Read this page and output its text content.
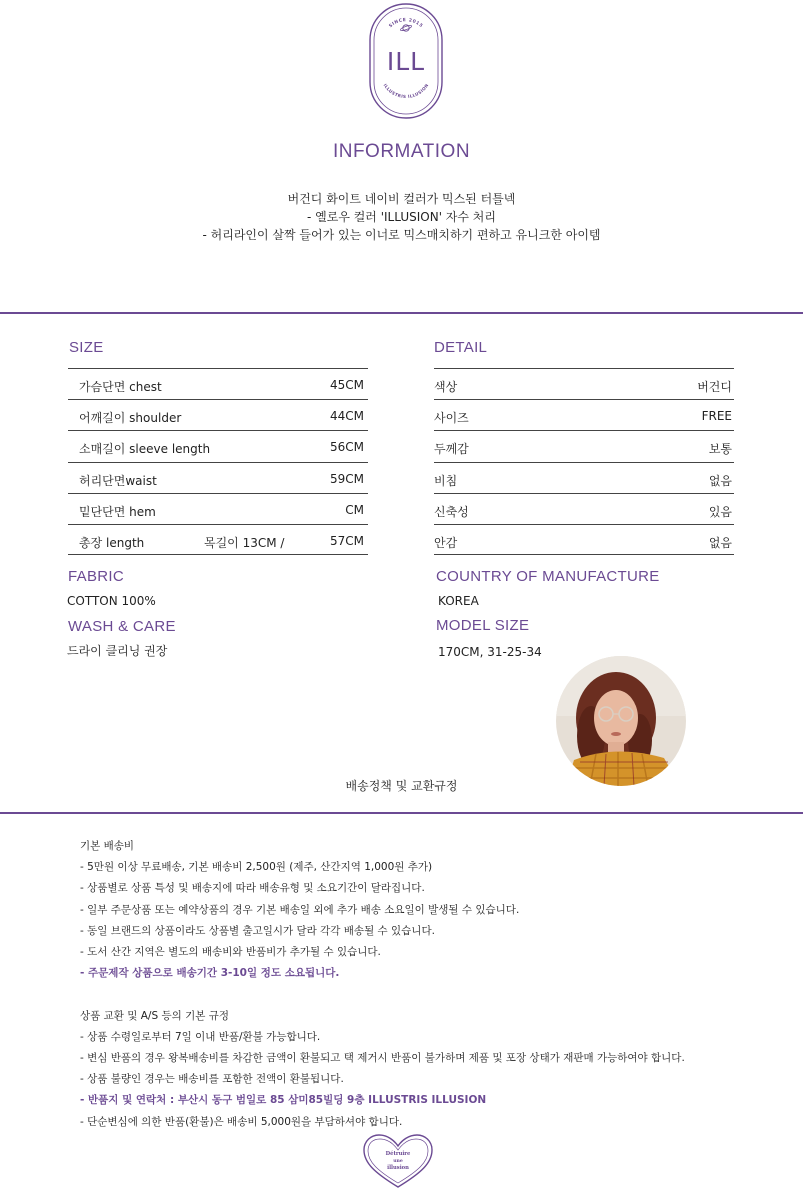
SINCE 2015
ILL
ILLUSTRIS ILLUSION
INFORMATION
버건디 화이트 네이비 컬러가 믹스된 터틀넥
- 옐로우 컬러 'ILLUSION' 자수 처리
- 허리라인이 살짝 들어가 있는 이너로 믹스매치하기 편하고 유니크한 아이템
SIZE
가슴단면 chest	45CM
어깨길이 shoulder	44CM
소매길이 sleeve length	56CM
허리단면waist	59CM
밑단단면 hem	CM
총장 length	목길이 13CM /	57CM
DETAIL
색상	버건디
사이즈	FREE
두께감	보통
비침	없음
신축성	있음
안감	없음
FABRIC
COTTON 100%
WASH & CARE
드라이 클리닝 권장
COUNTRY OF MANUFACTURE
KOREA
MODEL SIZE
170CM, 31-25-34
배송정책 및 교환규정
기본 배송비
- 5만원 이상 무료배송, 기본 배송비 2,500원 (제주, 산간지역 1,000원 추가)
- 상품별로 상품 특성 및 배송지에 따라 배송유형 및 소요기간이 달라집니다.
- 일부 주문상품 또는 예약상품의 경우 기본 배송일 외에 추가 배송 소요일이 발생될 수 있습니다.
- 동일 브랜드의 상품이라도 상품별 출고일시가 달라 각각 배송될 수 있습니다.
- 도서 산간 지역은 별도의 배송비와 반품비가 추가될 수 있습니다.
- 주문제작 상품으로 배송기간 3-10일 정도 소요됩니다.
상품 교환 및 A/S 등의 기본 규정
- 상품 수령일로부터 7일 이내 반품/환불 가능합니다.
- 변심 반품의 경우 왕복배송비를 차감한 금액이 환불되고 택 제거시 반품이 불가하며 제품 및 포장 상태가 재판매 가능하여야 합니다.
- 상품 불량인 경우는 배송비를 포함한 전액이 환불됩니다.
- 반품지 및 연락처 : 부산시 동구 범일로 85 삼미85빌딩 9층 ILLUSTRIS ILLUSION
- 단순변심에 의한 반품(환불)은 배송비 5,000원을 부담하셔야 합니다.
Détruire
une
illusion
